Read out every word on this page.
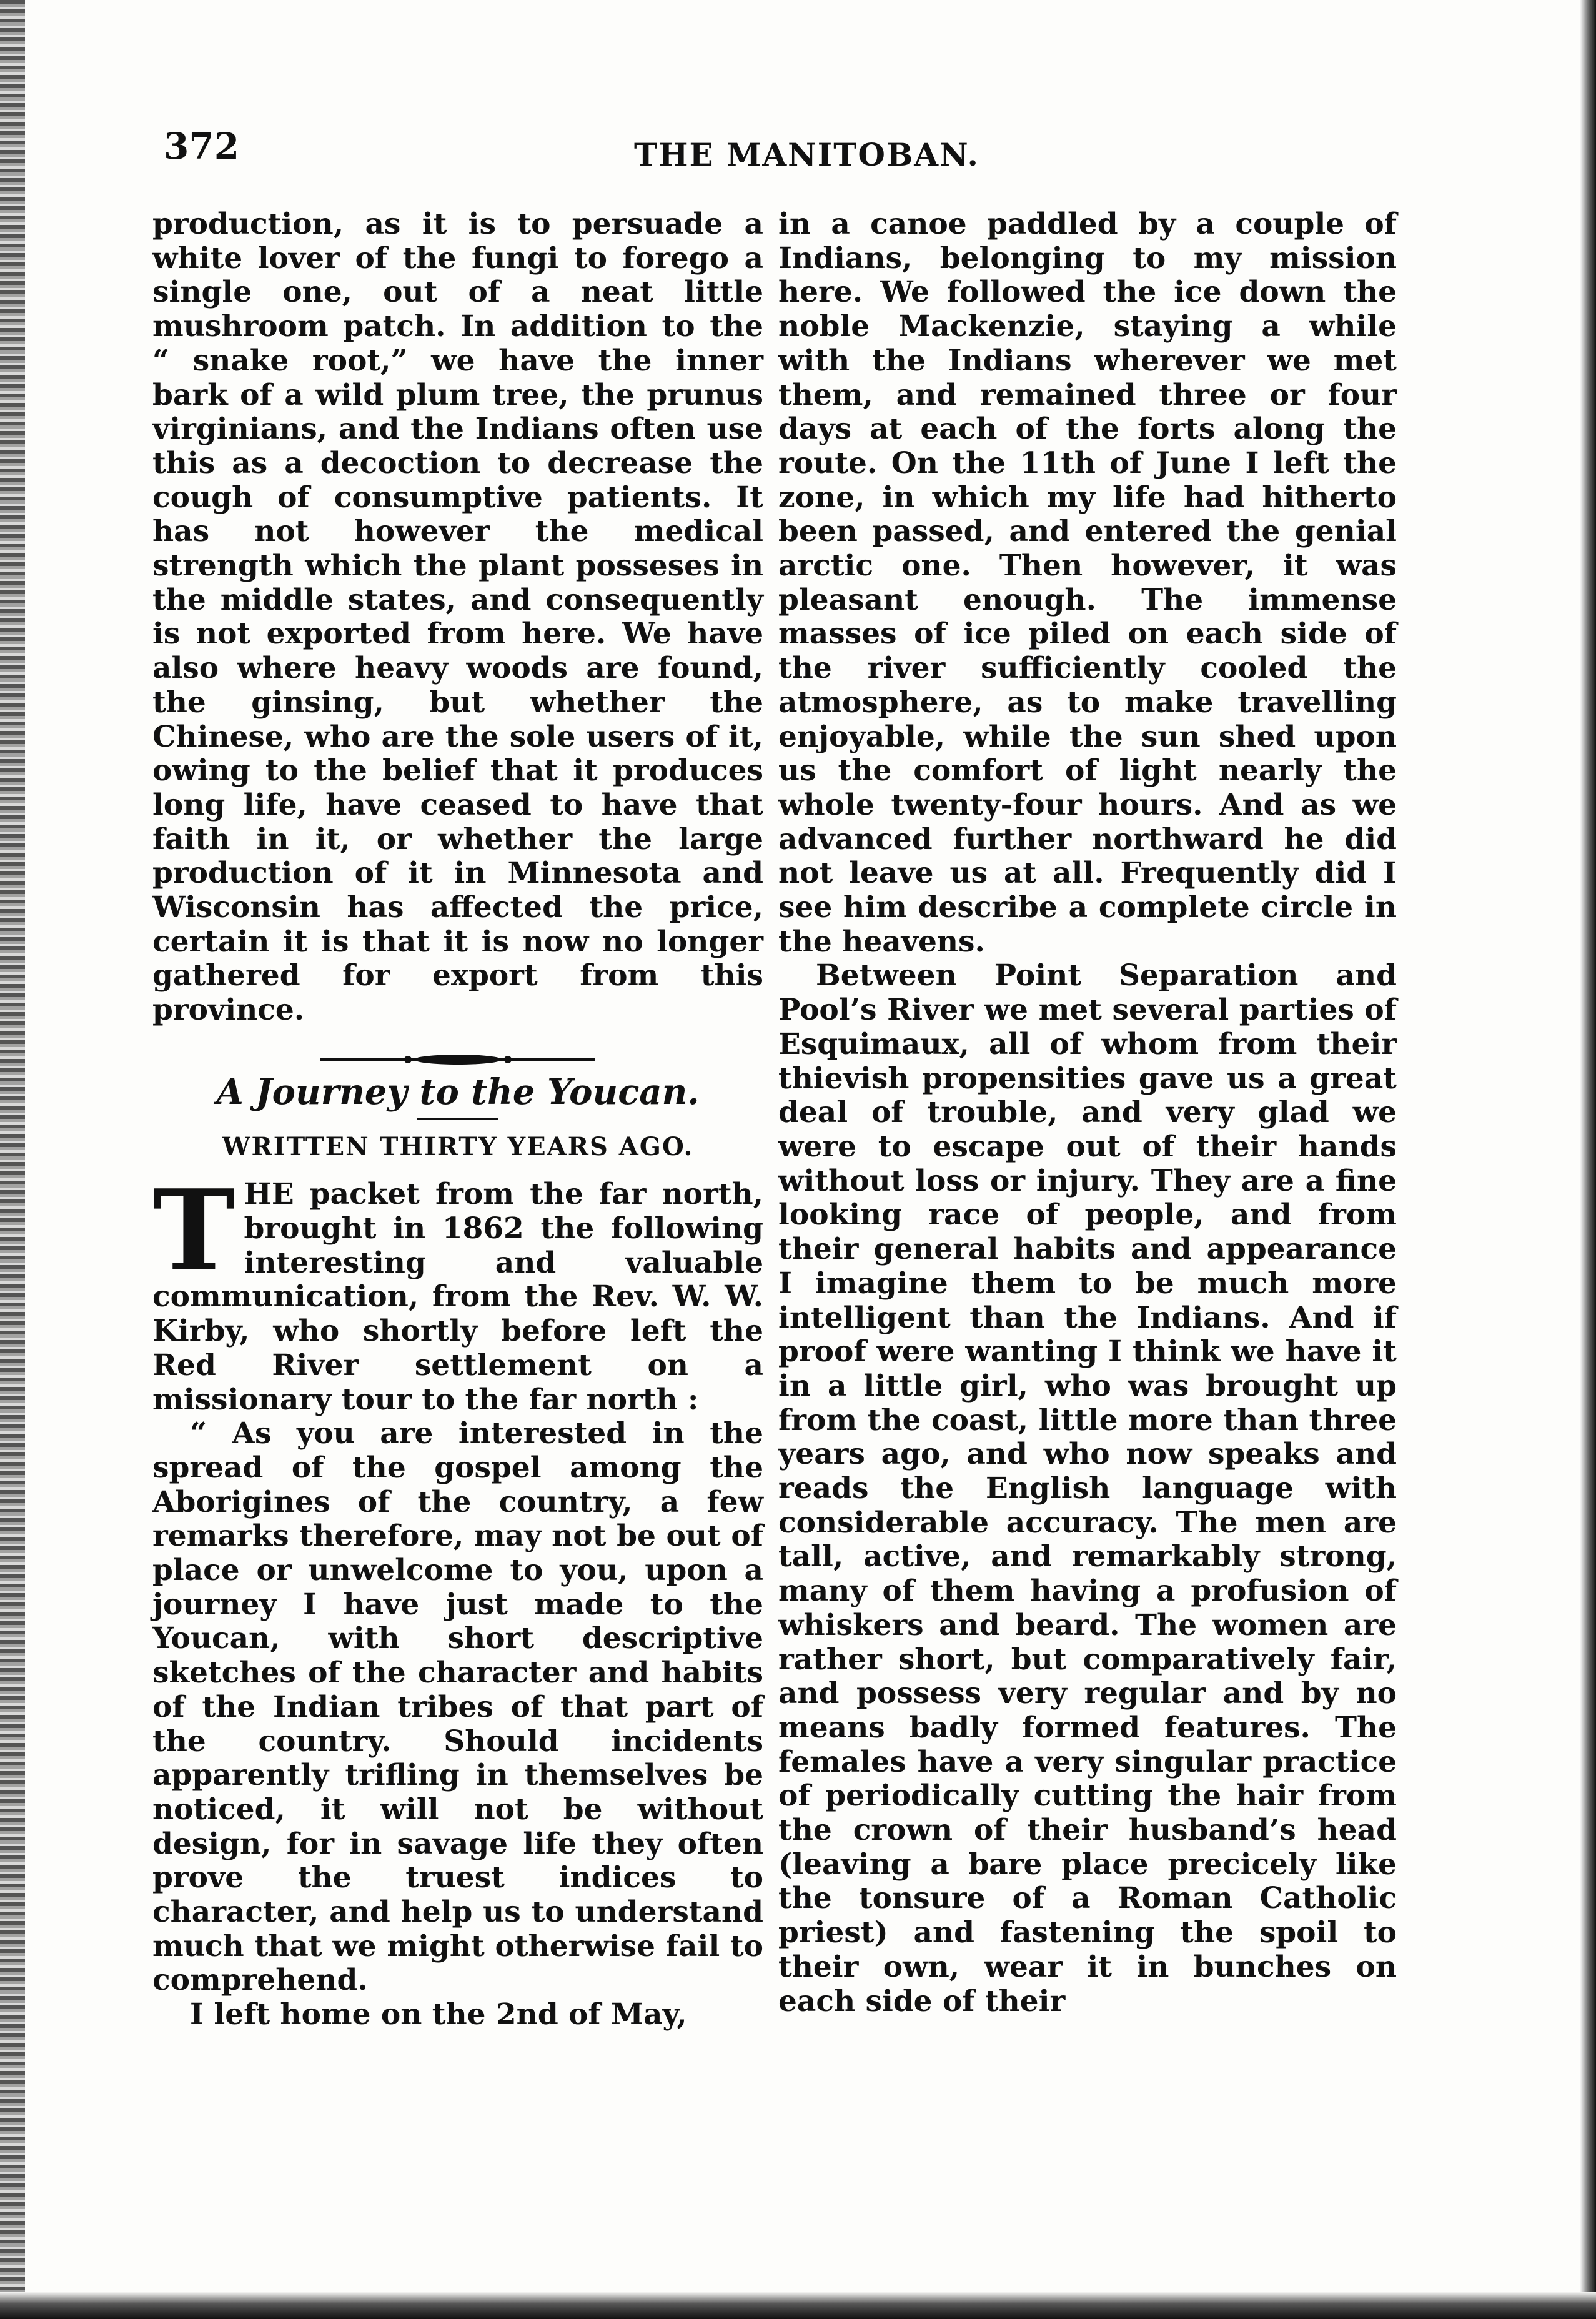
372	THE MANITOBAN.

production, as it is to persuade a white lover of the fungi to forego a single one, out of a neat little mushroom patch. In addition to the “ snake root,” we have the inner bark of a wild plum tree, the prunus virginians, and the Indians often use this as a decoction to decrease the cough of consumptive patients. It has not however the medical strength which the plant posseses in the middle states, and consequently is not exported from here. We have also where heavy woods are found, the ginsing, but whether the Chinese, who are the sole users of it, owing to the belief that it produces long life, have ceased to have that faith in it, or whether the large production of it in Minnesota and Wisconsin has affected the price, certain it is that it is now no longer gathered for export from this province.

A Journey to the Youcan.

WRITTEN THIRTY YEARS AGO.

T HE packet from the far north, brought in 1862 the following interesting and valuable communication, from the Rev. W. W. Kirby, who shortly before left the Red River settlement on a missionary tour to the far north :

“ As you are interested in the spread of the gospel among the Aborigines of the country, a few remarks therefore, may not be out of place or unwelcome to you, upon a journey I have just made to the Youcan, with short descriptive sketches of the character and habits of the Indian tribes of that part of the country. Should incidents apparently trifling in themselves be noticed, it will not be without design, for in savage life they often prove the truest indices to character, and help us to understand much that we might otherwise fail to comprehend.

I left home on the 2nd of May,

in a canoe paddled by a couple of Indians, belonging to my mission here. We followed the ice down the noble Mackenzie, staying a while with the Indians wherever we met them, and remained three or four days at each of the forts along the route. On the 11th of June I left the zone, in which my life had hitherto been passed, and entered the genial arctic one. Then however, it was pleasant enough. The immense masses of ice piled on each side of the river sufficiently cooled the atmosphere, as to make travelling enjoyable, while the sun shed upon us the comfort of light nearly the whole twenty-four hours. And as we advanced further northward he did not leave us at all. Frequently did I see him describe a complete circle in the heavens.

Between Point Separation and Pool’s River we met several parties of Esquimaux, all of whom from their thievish propensities gave us a great deal of trouble, and very glad we were to escape out of their hands without loss or injury. They are a fine looking race of people, and from their general habits and appearance I imagine them to be much more intelligent than the Indians. And if proof were wanting I think we have it in a little girl, who was brought up from the coast, little more than three years ago, and who now speaks and reads the English language with considerable accuracy. The men are tall, active, and remarkably strong, many of them having a profusion of whiskers and beard. The women are rather short, but comparatively fair, and possess very regular and by no means badly formed features. The females have a very singular practice of periodically cutting the hair from the crown of their husband’s head (leaving a bare place precicely like the tonsure of a Roman Catholic priest) and fastening the spoil to their own, wear it in bunches on each side of their
